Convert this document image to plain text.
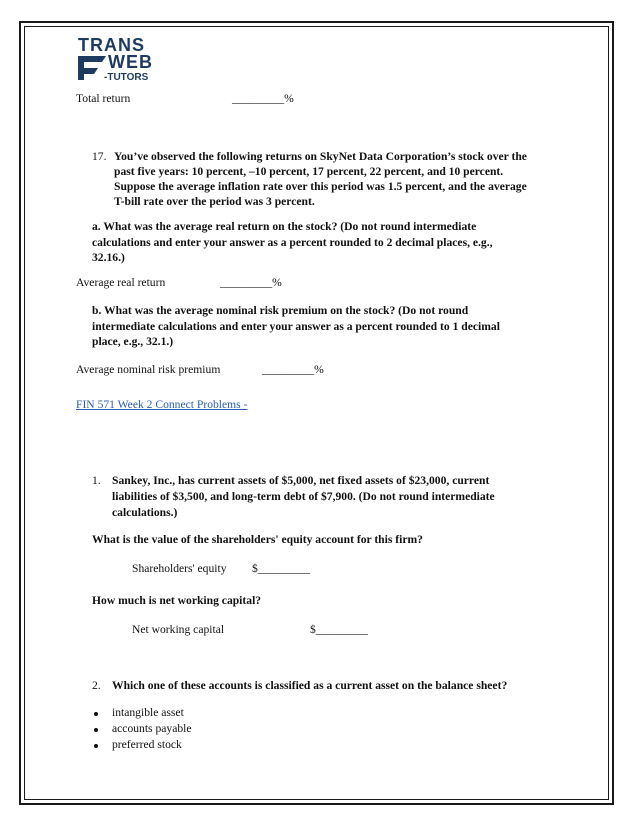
TRANS
WEB
-TUTORS
Total return	_________%
17. You’ve observed the following returns on SkyNet Data Corporation’s stock over the
past five years: 10 percent, –10 percent, 17 percent, 22 percent, and 10 percent.
Suppose the average inflation rate over this period was 1.5 percent, and the average
T-bill rate over the period was 3 percent.
a. What was the average real return on the stock? (Do not round intermediate
calculations and enter your answer as a percent rounded to 2 decimal places, e.g.,
32.16.)
Average real return	_________%
b. What was the average nominal risk premium on the stock? (Do not round
intermediate calculations and enter your answer as a percent rounded to 1 decimal
place, e.g., 32.1.)
Average nominal risk premium	_________%
FIN 571 Week 2 Connect Problems -
1. Sankey, Inc., has current assets of $5,000, net fixed assets of $23,000, current
liabilities of $3,500, and long-term debt of $7,900. (Do not round intermediate
calculations.)
What is the value of the shareholders' equity account for this firm?
Shareholders' equity $_________
How much is net working capital?
Net working capital	$_________
2. Which one of these accounts is classified as a current asset on the balance sheet?
intangible asset
accounts payable
preferred stock
